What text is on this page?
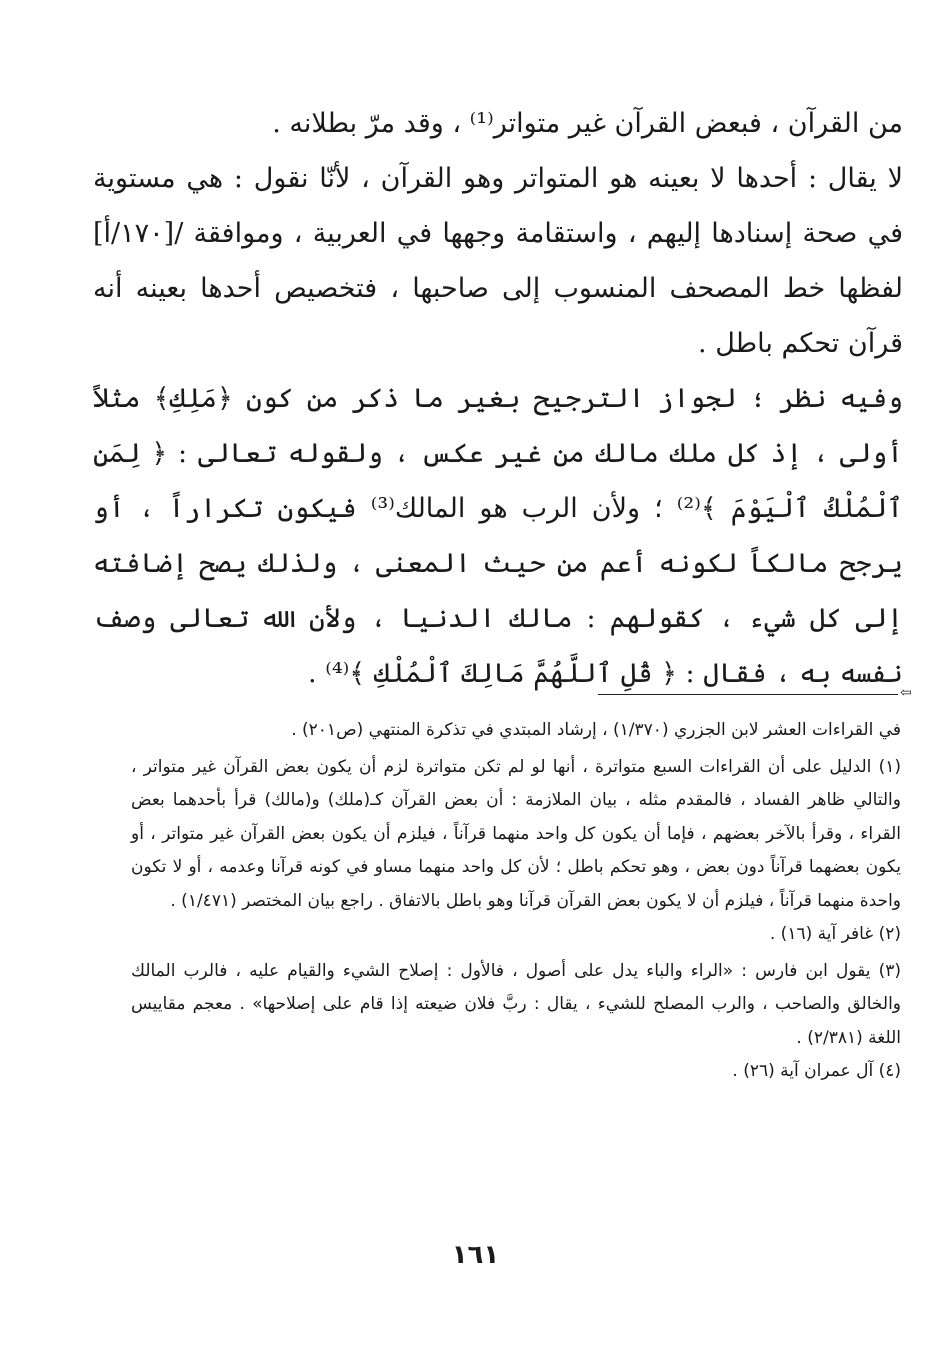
من القرآن ، فبعض القرآن غير متواتر⁽¹⁾ ، وقد مرّ بطلانه .

لا يقال : أحدها لا بعينه هو المتواتر وهو القرآن ، لأنّا نقول : هي مستوية في صحة إسنادها إليهم ، واستقامة وجهها في العربية ، وموافقة /[١٧٠/أ] لفظها خط المصحف المنسوب إلى صاحبها ، فتخصيص أحدها بعينه أنه قرآن تحكم باطل .

وفيه نظر ؛ لجواز الترجيح بغير ما ذكر من كون ﴿مَلِكِ﴾ مثلاً أولى ، إذ كل ملك مالك من غير عكس ، ولقوله تعالى : ﴿ لِمَنِ ٱلْمُلْكُ ٱلْيَوْمَ ﴾⁽²⁾ ؛ ولأن الرب هو المالك⁽³⁾ فيكون تكراراً ، أو يرجح مالكاً لكونه أعم من حيث المعنى ، ولذلك يصح إضافته إلى كل شيء ، كقولهم : مالك الدنيا ، ولأن الله تعالى وصف نفسه به ، فقال : ﴿ قُلِ ٱللَّهُمَّ مَالِكَ ٱلْمُلْكِ ﴾⁽⁴⁾ .

⇦

في القراءات العشر لابن الجزري (١/٣٧٠) ، إرشاد المبتدي في تذكرة المنتهي (ص٢٠١) .

(١) الدليل على أن القراءات السبع متواترة ، أنها لو لم تكن متواترة لزم أن يكون بعض القرآن غير متواتر ، والتالي ظاهر الفساد ، فالمقدم مثله ، بيان الملازمة : أن بعض القرآن كـ(ملك) و(مالك) قرأ بأحدهما بعض القراء ، وقرأ بالآخر بعضهم ، فإما أن يكون كل واحد منهما قرآناً ، فيلزم أن يكون بعض القرآن غير متواتر ، أو يكون بعضهما قرآناً دون بعض ، وهو تحكم باطل ؛ لأن كل واحد منهما مساو في كونه قرآنا وعدمه ، أو لا تكون واحدة منهما قرآناً ، فيلزم أن لا يكون بعض القرآن قرآنا وهو باطل بالاتفاق . راجع بيان المختصر (١/٤٧١) .

(٢) غافر آية (١٦) .

(٣) يقول ابن فارس : «الراء والباء يدل على أصول ، فالأول : إصلاح الشيء والقيام عليه ، فالرب المالك والخالق والصاحب ، والرب المصلح للشيء ، يقال : ربَّ فلان ضيعته إذا قام على إصلاحها» . معجم مقاييس اللغة (٢/٣٨١) .

(٤) آل عمران آية (٢٦) .

١٦١
